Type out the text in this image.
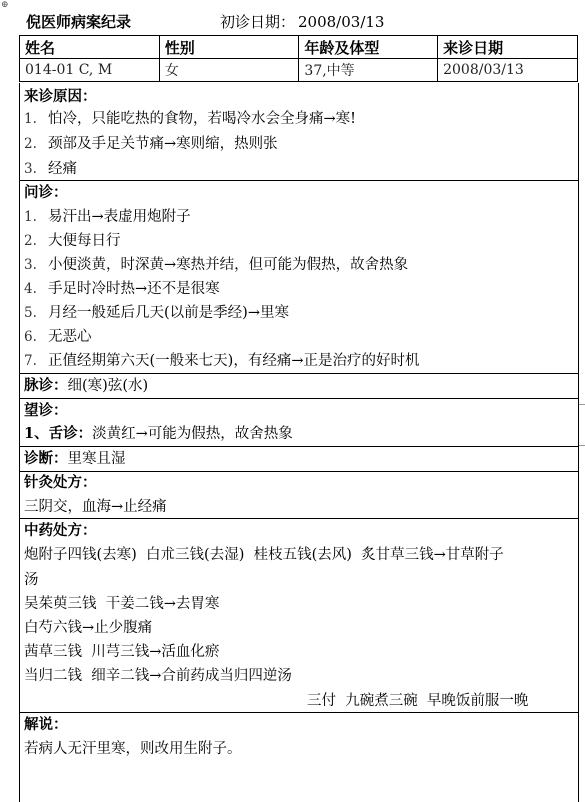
⊕
倪医师病案纪录	初诊日期： 2008/03/13
姓名	性别	年龄及体型	来诊日期
014-01 C, M	女	37,中等	2008/03/13
来诊原因：
1. 怕冷，只能吃热的食物，若喝冷水会全身痛→寒!
2. 颈部及手足关节痛→寒则缩，热则张
3. 经痛
问诊：
1. 易汗出→表虚用炮附子
2. 大便每日行
3. 小便淡黄，时深黄→寒热并结，但可能为假热，故舍热象
4. 手足时冷时热→还不是很寒
5. 月经一般延后几天(以前是季经)→里寒
6. 无恶心
7. 正值经期第六天(一般来七天)，有经痛→正是治疗的好时机
脉诊：细(寒)弦(水)
望诊：
1、舌诊：淡黄红→可能为假热，故舍热象
诊断：里寒且湿
针灸处方：
三阴交，血海→止经痛
中药处方：
炮附子四钱(去寒)  白朮三钱(去湿)  桂枝五钱(去风)  炙甘草三钱→甘草附子
汤
吴茱萸三钱  干姜二钱→去胃寒
白芍六钱→止少腹痛
茜草三钱  川芎三钱→活血化瘀
当归二钱  细辛二钱→合前药成当归四逆汤
三付  九碗煮三碗  早晚饭前服一晚
解说：
若病人无汗里寒，则改用生附子。
